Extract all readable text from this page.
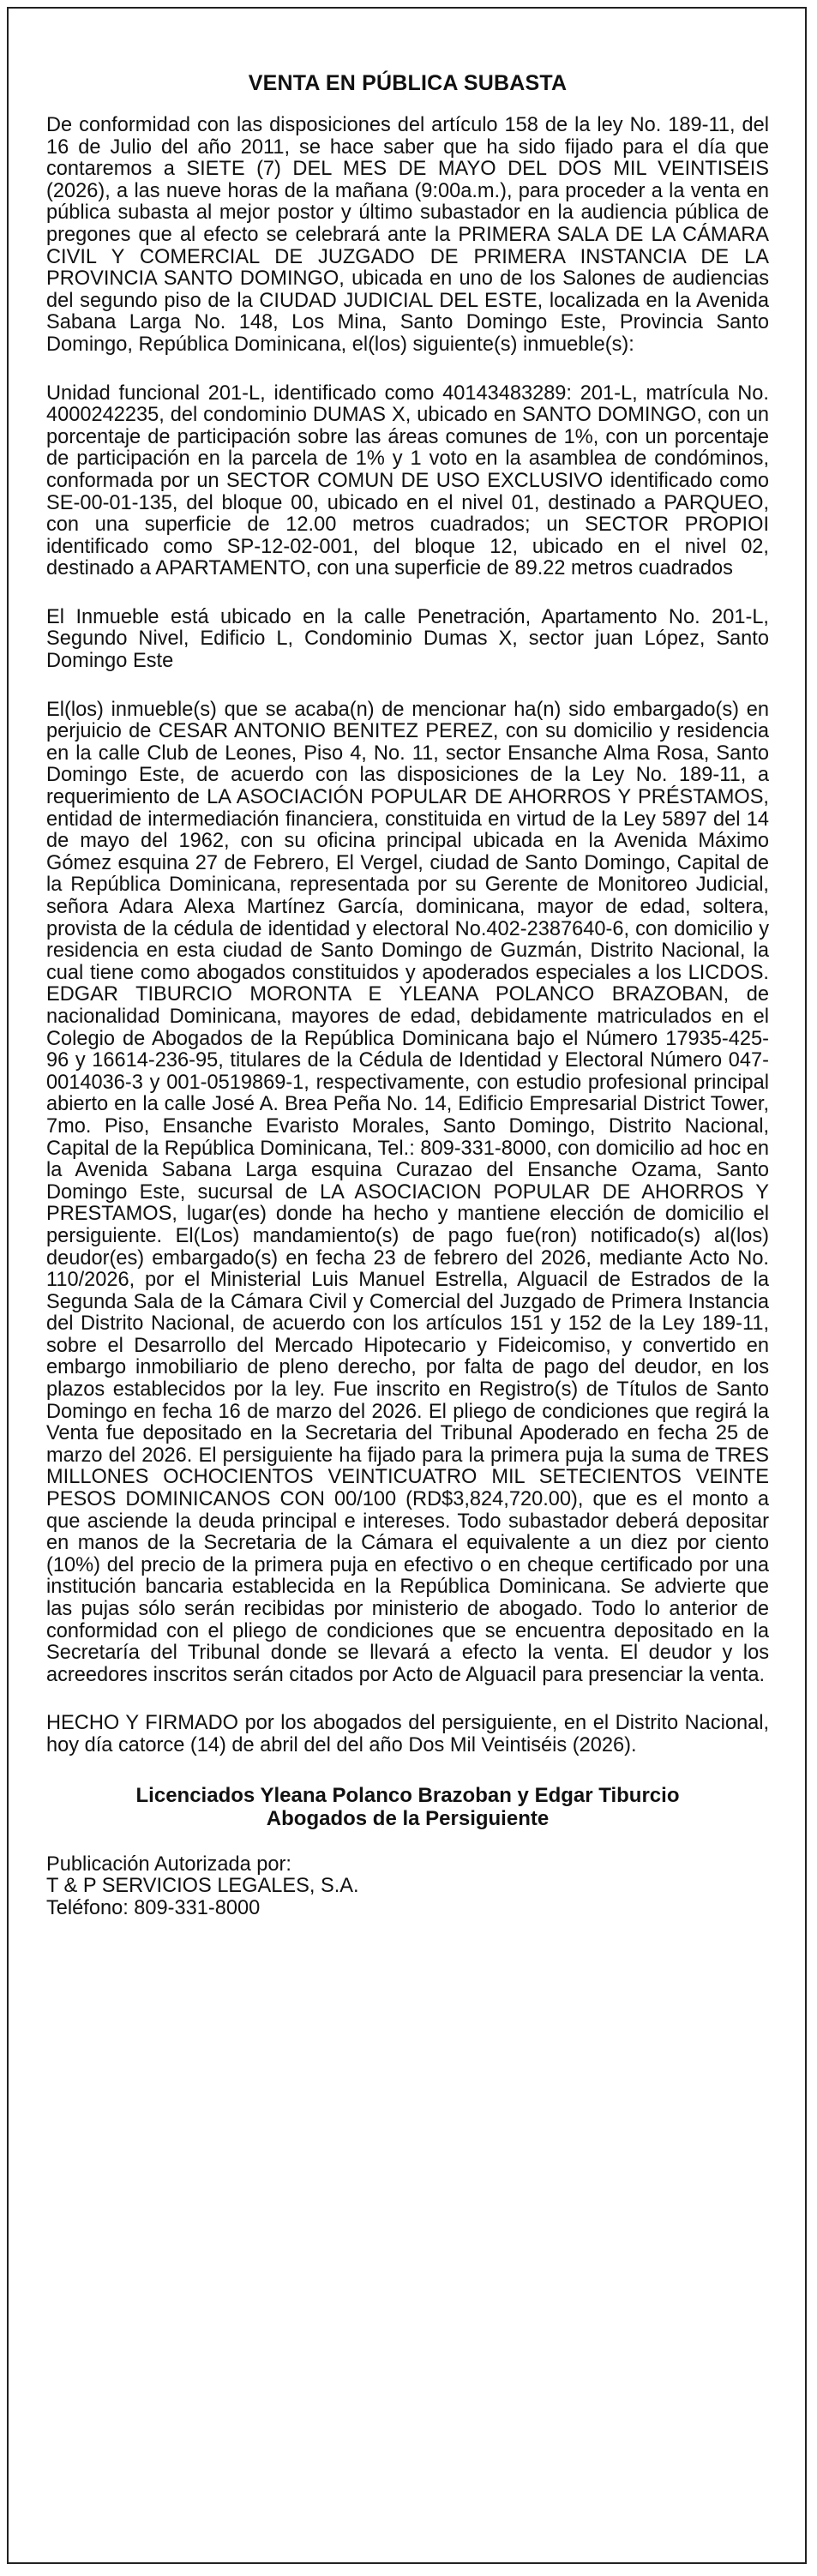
VENTA EN PÚBLICA SUBASTA

De conformidad con las disposiciones del artículo 158 de la ley No. 189-11, del 16 de Julio del año 2011, se hace saber que ha sido fijado para el día que contaremos a SIETE (7) DEL MES DE MAYO DEL DOS MIL VEINTISEIS (2026), a las nueve horas de la mañana (9:00a.m.), para proceder a la venta en pública subasta al mejor postor y último subastador en la audiencia pública de pregones que al efecto se celebrará ante la PRIMERA SALA DE LA CÁMARA CIVIL Y COMERCIAL DE JUZGADO DE PRIMERA INSTANCIA DE LA PROVINCIA SANTO DOMINGO, ubicada en uno de los Salones de audiencias del segundo piso de la CIUDAD JUDICIAL DEL ESTE, localizada en la Avenida Sabana Larga No. 148, Los Mina, Santo Domingo Este, Provincia Santo Domingo, República Dominicana, el(los) siguiente(s) inmueble(s):

Unidad funcional 201-L, identificado como 40143483289: 201-L, matrícula No. 4000242235, del condominio DUMAS X, ubicado en SANTO DOMINGO, con un porcentaje de participación sobre las áreas comunes de 1%, con un porcentaje de participación en la parcela de 1% y 1 voto en la asamblea de condóminos, conformada por un SECTOR COMUN DE USO EXCLUSIVO identificado como SE-00-01-135, del bloque 00, ubicado en el nivel 01, destinado a PARQUEO, con una superficie de 12.00 metros cuadrados; un SECTOR PROPIOI identificado como SP-12-02-001, del bloque 12, ubicado en el nivel 02, destinado a APARTAMENTO, con una superficie de 89.22 metros cuadrados

El Inmueble está ubicado en la calle Penetración, Apartamento No. 201-L, Segundo Nivel, Edificio L, Condominio Dumas X, sector juan López, Santo Domingo Este

El(los) inmueble(s) que se acaba(n) de mencionar ha(n) sido embargado(s) en perjuicio de CESAR ANTONIO BENITEZ PEREZ, con su domicilio y residencia en la calle Club de Leones, Piso 4, No. 11, sector Ensanche Alma Rosa, Santo Domingo Este, de acuerdo con las disposiciones de la Ley No. 189-11, a requerimiento de LA ASOCIACIÓN POPULAR DE AHORROS Y PRÉSTAMOS, entidad de intermediación financiera, constituida en virtud de la Ley 5897 del 14 de mayo del 1962, con su oficina principal ubicada en la Avenida Máximo Gómez esquina 27 de Febrero, El Vergel, ciudad de Santo Domingo, Capital de la República Dominicana, representada por su Gerente de Monitoreo Judicial, señora Adara Alexa Martínez García, dominicana, mayor de edad, soltera, provista de la cédula de identidad y electoral No.402-2387640-6, con domicilio y residencia en esta ciudad de Santo Domingo de Guzmán, Distrito Nacional, la cual tiene como abogados constituidos y apoderados especiales a los LICDOS. EDGAR TIBURCIO MORONTA E YLEANA POLANCO BRAZOBAN, de nacionalidad Dominicana, mayores de edad, debidamente matriculados en el Colegio de Abogados de la República Dominicana bajo el Número 17935-425-96 y 16614-236-95, titulares de la Cédula de Identidad y Electoral Número 047-0014036-3 y 001-0519869-1, respectivamente, con estudio profesional principal abierto en la calle José A. Brea Peña No. 14, Edificio Empresarial District Tower, 7mo. Piso, Ensanche Evaristo Morales, Santo Domingo, Distrito Nacional, Capital de la República Dominicana, Tel.: 809-331-8000, con domicilio ad hoc en la Avenida Sabana Larga esquina Curazao del Ensanche Ozama, Santo Domingo Este, sucursal de LA ASOCIACION POPULAR DE AHORROS Y PRESTAMOS, lugar(es) donde ha hecho y mantiene elección de domicilio el persiguiente. El(Los) mandamiento(s) de pago fue(ron) notificado(s) al(los) deudor(es) embargado(s) en fecha 23 de febrero del 2026, mediante Acto No. 110/2026, por el Ministerial Luis Manuel Estrella, Alguacil de Estrados de la Segunda Sala de la Cámara Civil y Comercial del Juzgado de Primera Instancia del Distrito Nacional, de acuerdo con los artículos 151 y 152 de la Ley 189-11, sobre el Desarrollo del Mercado Hipotecario y Fideicomiso, y convertido en embargo inmobiliario de pleno derecho, por falta de pago del deudor, en los plazos establecidos por la ley. Fue inscrito en Registro(s) de Títulos de Santo Domingo en fecha 16 de marzo del 2026. El pliego de condiciones que regirá la Venta fue depositado en la Secretaria del Tribunal Apoderado en fecha 25 de marzo del 2026. El persiguiente ha fijado para la primera puja la suma de TRES MILLONES OCHOCIENTOS VEINTICUATRO MIL SETECIENTOS VEINTE PESOS DOMINICANOS CON 00/100 (RD$3,824,720.00), que es el monto a que asciende la deuda principal e intereses. Todo subastador deberá depositar en manos de la Secretaria de la Cámara el equivalente a un diez por ciento (10%) del precio de la primera puja en efectivo o en cheque certificado por una institución bancaria establecida en la República Dominicana. Se advierte que las pujas sólo serán recibidas por ministerio de abogado. Todo lo anterior de conformidad con el pliego de condiciones que se encuentra depositado en la Secretaría del Tribunal donde se llevará a efecto la venta. El deudor y los acreedores inscritos serán citados por Acto de Alguacil para presenciar la venta.

HECHO Y FIRMADO por los abogados del persiguiente, en el Distrito Nacional, hoy día catorce (14) de abril del del año Dos Mil Veintiséis (2026).

Licenciados Yleana Polanco Brazoban y Edgar Tiburcio
Abogados de la Persiguiente
Publicación Autorizada por:
T & P SERVICIOS LEGALES, S.A.
Teléfono: 809-331-8000
